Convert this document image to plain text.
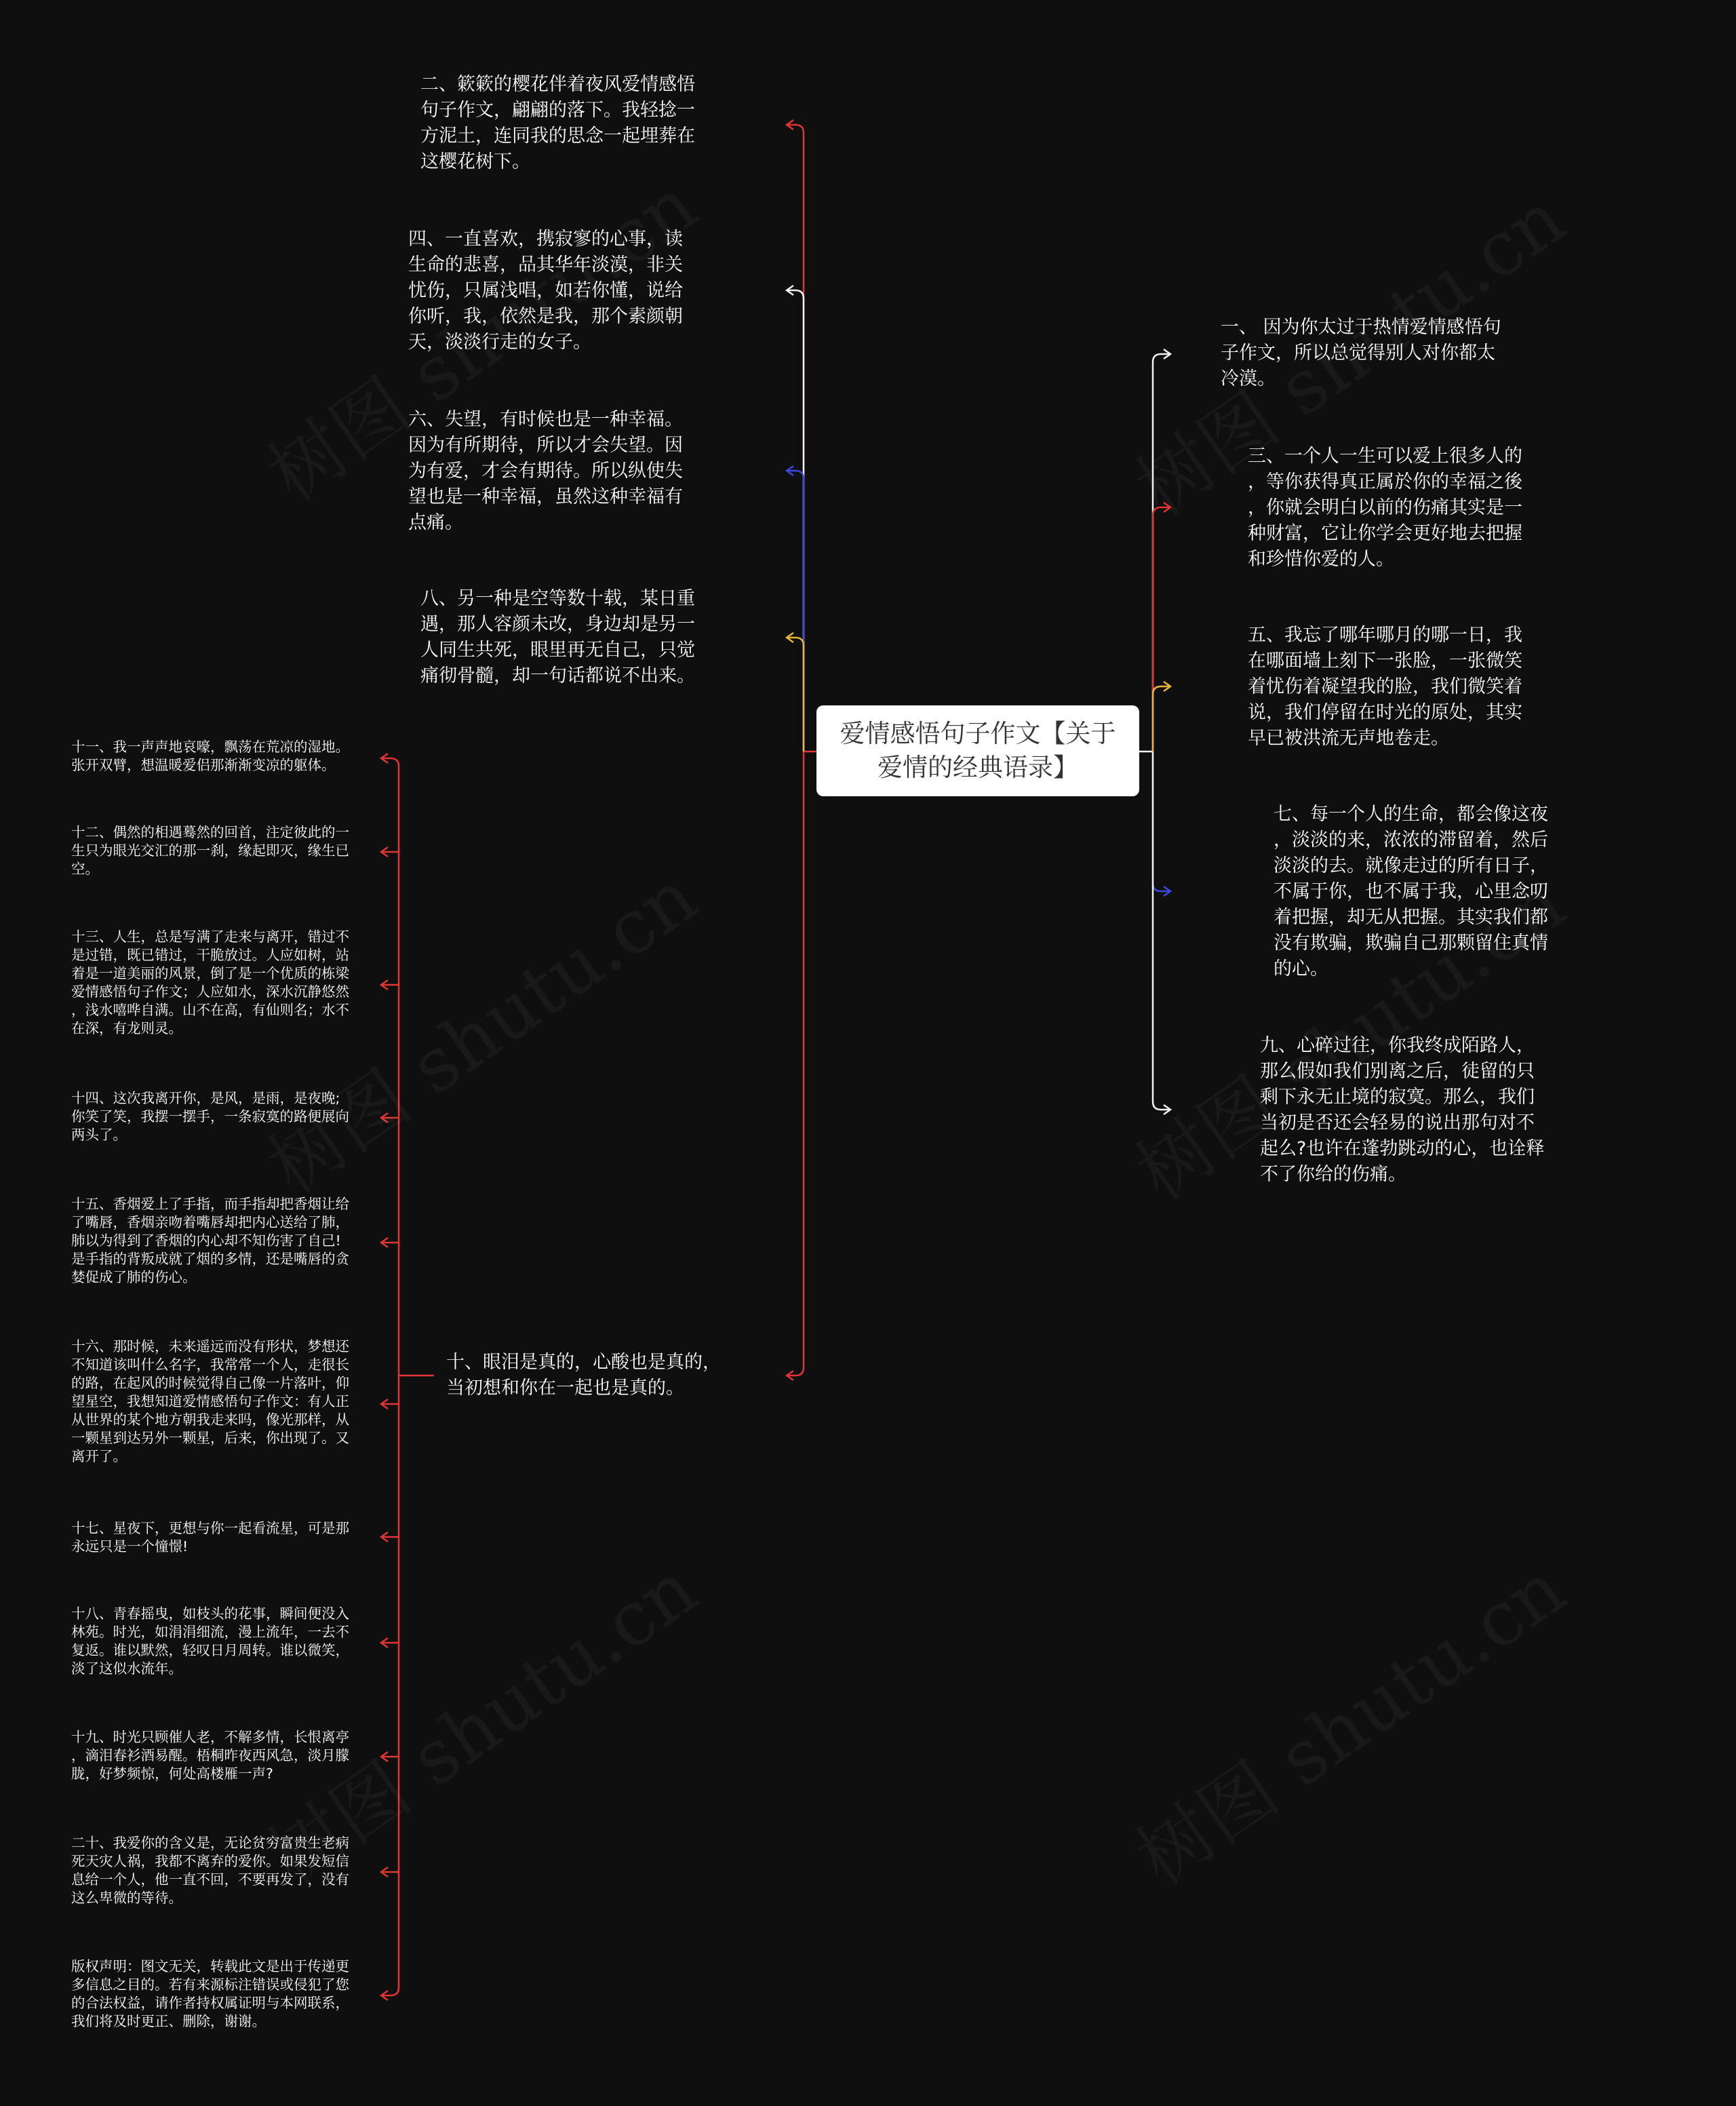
爱情感悟句子作文【关于
爱情的经典语录】
一、 因为你太过于热情爱情感悟句
子作文，所以总觉得别人对你都太
冷漠。
三、一个人一生可以爱上很多人的
，等你获得真正属於你的幸福之後
，你就会明白以前的伤痛其实是一
种财富，它让你学会更好地去把握
和珍惜你爱的人。
五、我忘了哪年哪月的哪一日，我
在哪面墙上刻下一张脸，一张微笑
着忧伤着凝望我的脸，我们微笑着
说，我们停留在时光的原处，其实
早已被洪流无声地卷走。
七、每一个人的生命，都会像这夜
，淡淡的来，浓浓的滞留着，然后
淡淡的去。就像走过的所有日子，
不属于你，也不属于我，心里念叨
着把握，却无从把握。其实我们都
没有欺骗，欺骗自己那颗留住真情
的心。
九、心碎过往，你我终成陌路人，
那么假如我们别离之后，徒留的只
剩下永无止境的寂寞。那么，我们
当初是否还会轻易的说出那句对不
起么?也许在蓬勃跳动的心，也诠释
不了你给的伤痛。
二、簌簌的樱花伴着夜风爱情感悟
句子作文，翩翩的落下。我轻捻一
方泥土，连同我的思念一起埋葬在
这樱花树下。
四、一直喜欢，携寂寥的心事，读
生命的悲喜，品其华年淡漠，非关
忧伤，只属浅唱，如若你懂，说给
你听，我，依然是我，那个素颜朝
天，淡淡行走的女子。
六、失望，有时候也是一种幸福。
因为有所期待，所以才会失望。因
为有爱，才会有期待。所以纵使失
望也是一种幸福，虽然这种幸福有
点痛。
八、另一种是空等数十载，某日重
遇，那人容颜未改，身边却是另一
人同生共死，眼里再无自己，只觉
痛彻骨髓，却一句话都说不出来。
十、眼泪是真的，心酸也是真的，
当初想和你在一起也是真的。
十一、我一声声地哀嚎，飘荡在荒凉的湿地。
张开双臂，想温暖爱侣那渐渐变凉的躯体。
十二、偶然的相遇蓦然的回首，注定彼此的一
生只为眼光交汇的那一刹，缘起即灭，缘生已
空。
十三、人生，总是写满了走来与离开，错过不
是过错，既已错过，干脆放过。人应如树，站
着是一道美丽的风景，倒了是一个优质的栋梁
爱情感悟句子作文；人应如水，深水沉静悠然
，浅水嘻哗自满。山不在高，有仙则名；水不
在深，有龙则灵。
十四、这次我离开你，是风，是雨，是夜晚;
你笑了笑，我摆一摆手，一条寂寞的路便展向
两头了。
十五、香烟爱上了手指，而手指却把香烟让给
了嘴唇，香烟亲吻着嘴唇却把内心送给了肺，
肺以为得到了香烟的内心却不知伤害了自己!
是手指的背叛成就了烟的多情，还是嘴唇的贪
婪促成了肺的伤心。
十六、那时候，未来遥远而没有形状，梦想还
不知道该叫什么名字，我常常一个人，走很长
的路，在起风的时候觉得自己像一片落叶，仰
望星空，我想知道爱情感悟句子作文：有人正
从世界的某个地方朝我走来吗，像光那样，从
一颗星到达另外一颗星，后来，你出现了。又
离开了。
十七、星夜下，更想与你一起看流星，可是那
永远只是一个憧憬!
十八、青春摇曳，如枝头的花事，瞬间便没入
林苑。时光，如涓涓细流，漫上流年，一去不
复返。谁以默然，轻叹日月周转。谁以微笑，
淡了这似水流年。
十九、时光只顾催人老，不解多情，长恨离亭
，滴泪春衫酒易醒。梧桐昨夜西风急，淡月朦
胧，好梦频惊，何处高楼雁一声?
二十、我爱你的含义是，无论贫穷富贵生老病
死天灾人祸，我都不离弃的爱你。如果发短信
息给一个人，他一直不回，不要再发了，没有
这么卑微的等待。
版权声明：图文无关，转载此文是出于传递更
多信息之目的。若有来源标注错误或侵犯了您
的合法权益，请作者持权属证明与本网联系，
我们将及时更正、删除，谢谢。
